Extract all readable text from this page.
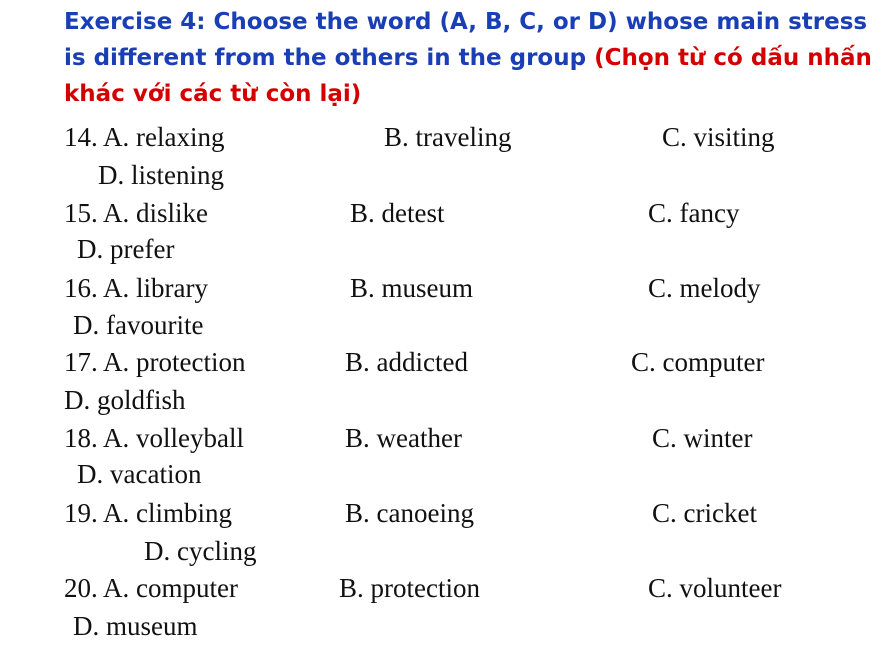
Exercise 4: Choose the word (A, B, C, or D) whose main stress is different from the others in the group (Chọn từ có dấu nhấn khác với các từ còn lại)
14. A. relaxing	B. traveling	C. visiting
D. listening
15. A. dislike	B. detest	C. fancy
D. prefer
16. A. library	B. museum	C. melody
D. favourite
17. A. protection	B. addicted	C. computer
D. goldfish
18. A. volleyball	B. weather	C. winter
D. vacation
19. A. climbing	B. canoeing	C. cricket
D. cycling
20. A. computer	B. protection	C. volunteer
D. museum
